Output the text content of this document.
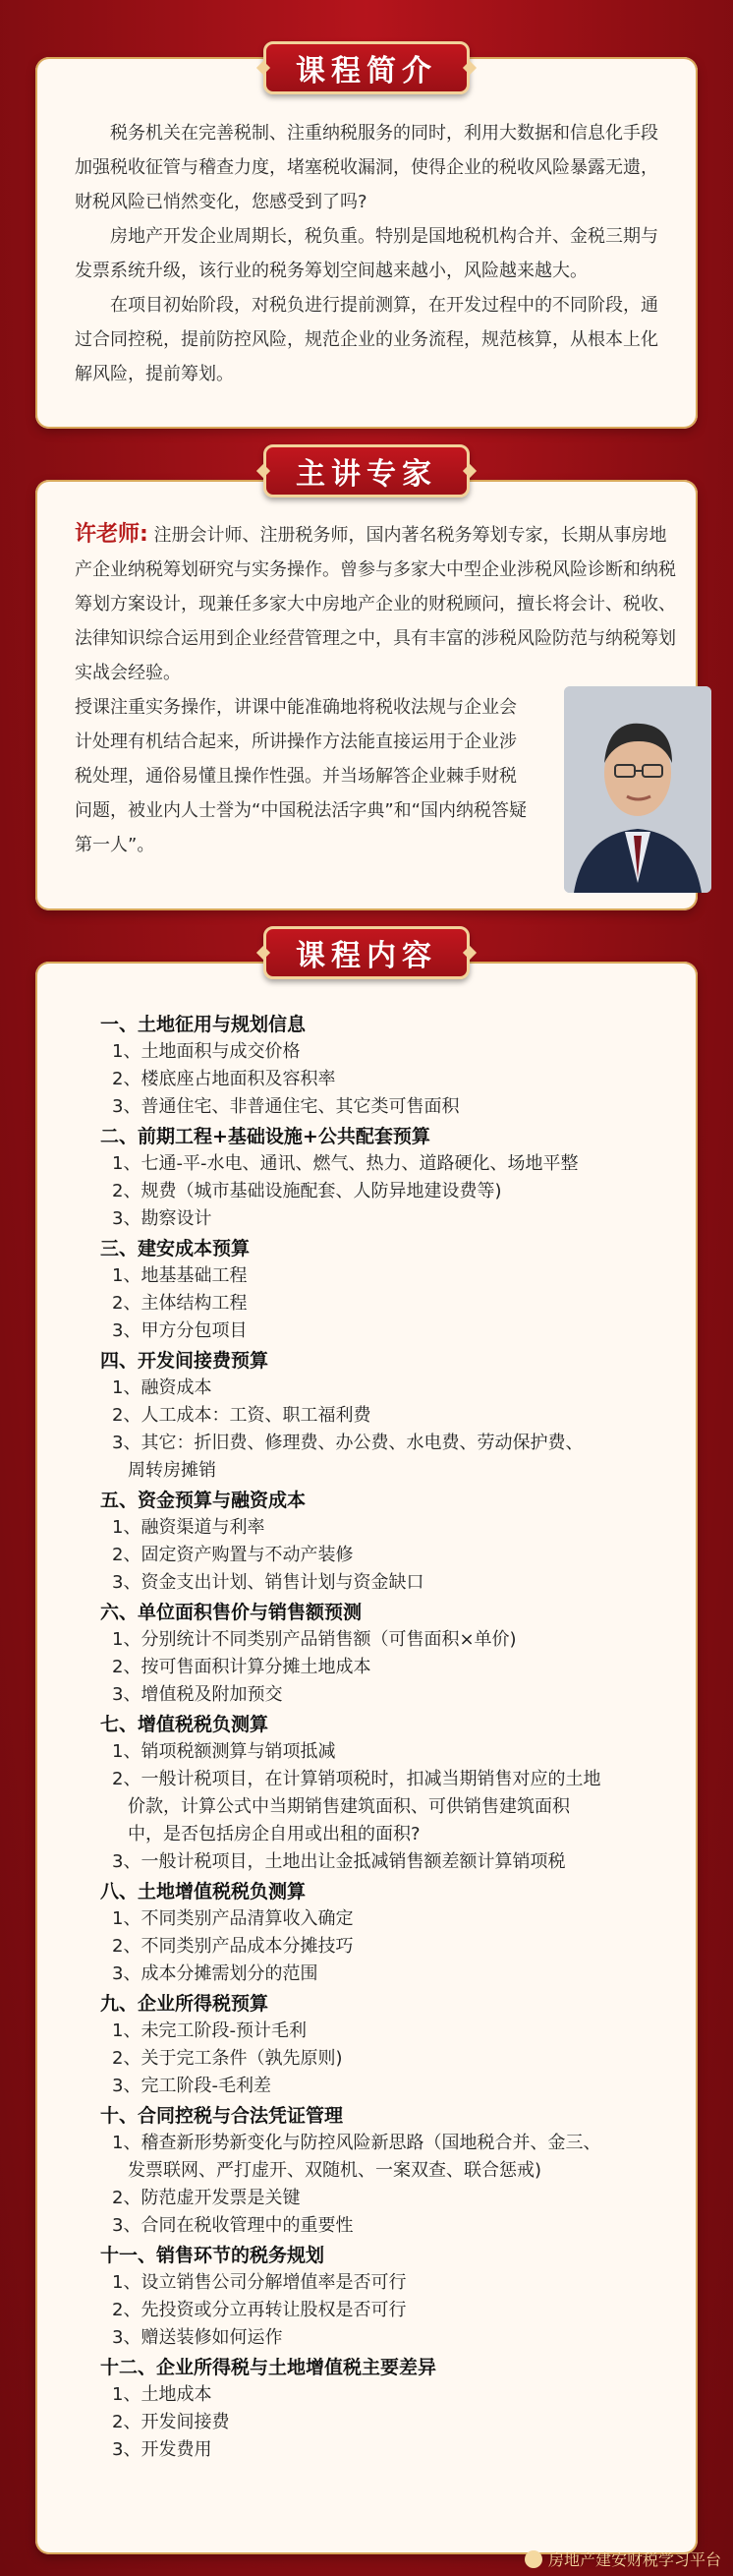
税务机关在完善税制、注重纳税服务的同时，利用大数据和信息化手段加强税收征管与稽查力度，堵塞税收漏洞，使得企业的税收风险暴露无遗，财税风险已悄然变化，您感受到了吗?

房地产开发企业周期长，税负重。特别是国地税机构合并、金税三期与发票系统升级，该行业的税务筹划空间越来越小，风险越来越大。

在项目初始阶段，对税负进行提前测算，在开发过程中的不同阶段，通过合同控税，提前防控风险，规范企业的业务流程，规范核算，从根本上化解风险，提前筹划。

课程简介
许老师: 注册会计师、注册税务师，国内著名税务筹划专家，长期从事房地产企业纳税筹划研究与实务操作。曾参与多家大中型企业涉税风险诊断和纳税筹划方案设计，现兼任多家大中房地产企业的财税顾问，擅长将会计、税收、法律知识综合运用到企业经营管理之中，具有丰富的涉税风险防范与纳税筹划实战会经验。
授课注重实务操作，讲课中能准确地将税收法规与企业会计处理有机结合起来，所讲操作方法能直接运用于企业涉税处理，通俗易懂且操作性强。并当场解答企业棘手财税问题，被业内人士誉为“中国税法活字典”和“国内纳税答疑第一人”。
主讲专家
一、土地征用与规划信息
1、土地面积与成交价格
2、楼底座占地面积及容积率
3、普通住宅、非普通住宅、其它类可售面积
二、前期工程+基础设施+公共配套预算
1、七通-平-水电、通讯、燃气、热力、道路硬化、场地平整
2、规费（城市基础设施配套、人防异地建设费等)
3、勘察设计
三、建安成本预算
1、地基基础工程
2、主体结构工程
3、甲方分包项目
四、开发间接费预算
1、融资成本
2、人工成本：工资、职工福利费
3、其它：折旧费、修理费、办公费、水电费、劳动保护费、
周转房摊销
五、资金预算与融资成本
1、融资渠道与利率
2、固定资产购置与不动产装修
3、资金支出计划、销售计划与资金缺口
六、单位面积售价与销售额预测
1、分别统计不同类别产品销售额（可售面积×单价)
2、按可售面积计算分摊土地成本
3、增值税及附加预交
七、增值税税负测算
1、销项税额测算与销项抵减
2、一般计税项目，在计算销项税时，扣减当期销售对应的土地
价款，计算公式中当期销售建筑面积、可供销售建筑面积
中，是否包括房企自用或出租的面积?
3、一般计税项目，土地出让金抵减销售额差额计算销项税
八、土地增值税税负测算
1、不同类别产品清算收入确定
2、不同类别产品成本分摊技巧
3、成本分摊需划分的范围
九、企业所得税预算
1、未完工阶段-预计毛利
2、关于完工条件（孰先原则)
3、完工阶段-毛利差
十、合同控税与合法凭证管理
1、稽查新形势新变化与防控风险新思路（国地税合并、金三、
发票联网、严打虚开、双随机、一案双查、联合惩戒)
2、防范虚开发票是关键
3、合同在税收管理中的重要性
十一、销售环节的税务规划
1、设立销售公司分解增值率是否可行
2、先投资或分立再转让股权是否可行
3、赠送装修如何运作
十二、企业所得税与土地增值税主要差异
1、土地成本
2、开发间接费
3、开发费用
课程内容
房地产建安财税学习平台
